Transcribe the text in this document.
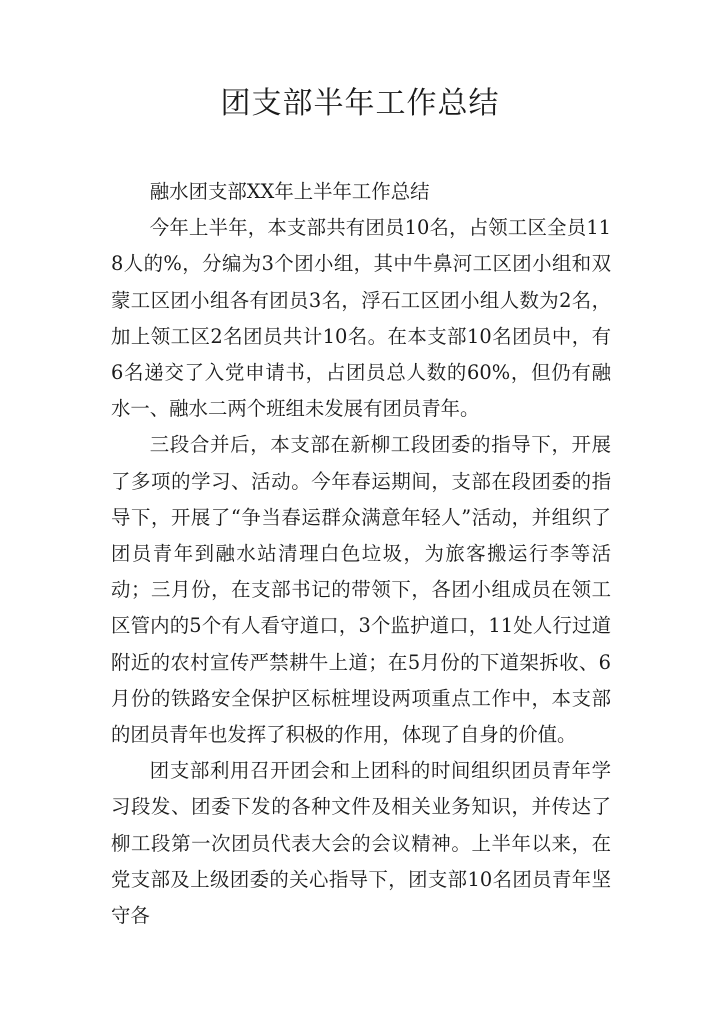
团支部半年工作总结

融水团支部XX年上半年工作总结

今年上半年，本支部共有团员10名，占领工区全员118人的%，分编为3个团小组，其中牛鼻河工区团小组和双蒙工区团小组各有团员3名，浮石工区团小组人数为2名，加上领工区2名团员共计10名。在本支部10名团员中，有6名递交了入党申请书，占团员总人数的60%，但仍有融水一、融水二两个班组未发展有团员青年。

三段合并后，本支部在新柳工段团委的指导下，开展了多项的学习、活动。今年春运期间，支部在段团委的指导下，开展了“争当春运群众满意年轻人”活动，并组织了团员青年到融水站清理白色垃圾，为旅客搬运行李等活动；三月份，在支部书记的带领下，各团小组成员在领工区管内的5个有人看守道口，3个监护道口，11处人行过道附近的农村宣传严禁耕牛上道；在5月份的下道架拆收、6月份的铁路安全保护区标桩埋设两项重点工作中，本支部的团员青年也发挥了积极的作用，体现了自身的价值。

团支部利用召开团会和上团科的时间组织团员青年学习段发、团委下发的各种文件及相关业务知识，并传达了柳工段第一次团员代表大会的会议精神。上半年以来，在党支部及上级团委的关心指导下，团支部10名团员青年坚守各
